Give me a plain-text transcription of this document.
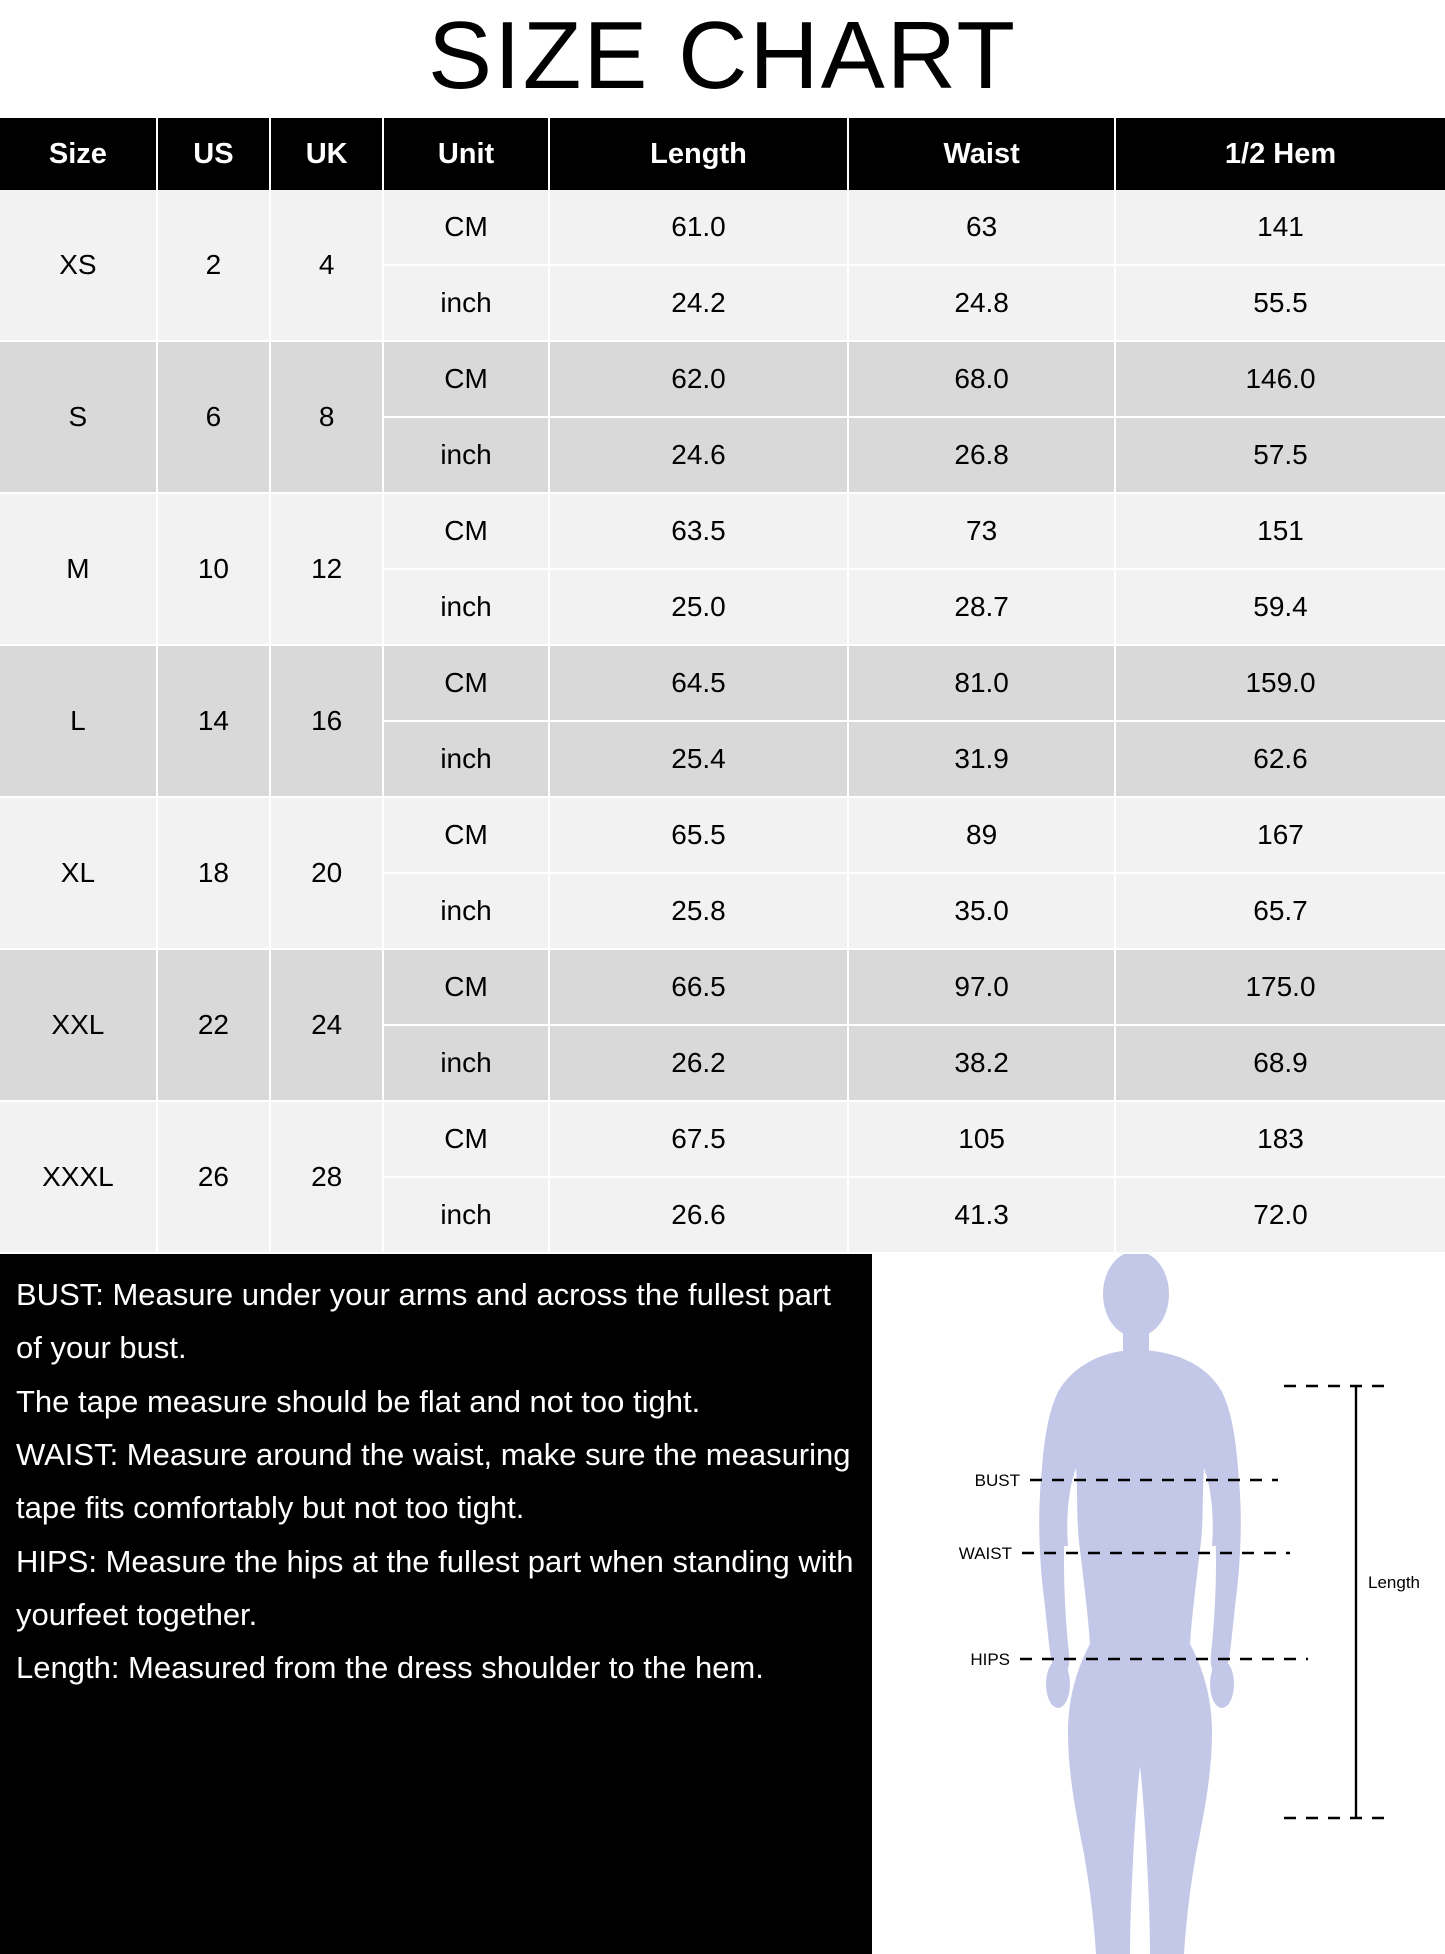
SIZE CHART
Size	US	UK	Unit	Length	Waist	1/2 Hem
XS	2	4	CM	61.0	63	141
			inch	24.2	24.8	55.5
S	6	8	CM	62.0	68.0	146.0
			inch	24.6	26.8	57.5
M	10	12	CM	63.5	73	151
			inch	25.0	28.7	59.4
L	14	16	CM	64.5	81.0	159.0
			inch	25.4	31.9	62.6
XL	18	20	CM	65.5	89	167
			inch	25.8	35.0	65.7
XXL	22	24	CM	66.5	97.0	175.0
			inch	26.2	38.2	68.9
XXXL	26	28	CM	67.5	105	183
			inch	26.6	41.3	72.0

BUST: Measure under your arms and across the fullest part of your bust.

The tape measure should be flat and not too tight.

WAIST: Measure around the waist, make sure the measuring tape fits comfortably but not too tight.

HIPS: Measure the hips at the fullest part when standing with yourfeet together.

Length: Measured from the dress shoulder to the hem.

BUST
WAIST
HIPS
Length
